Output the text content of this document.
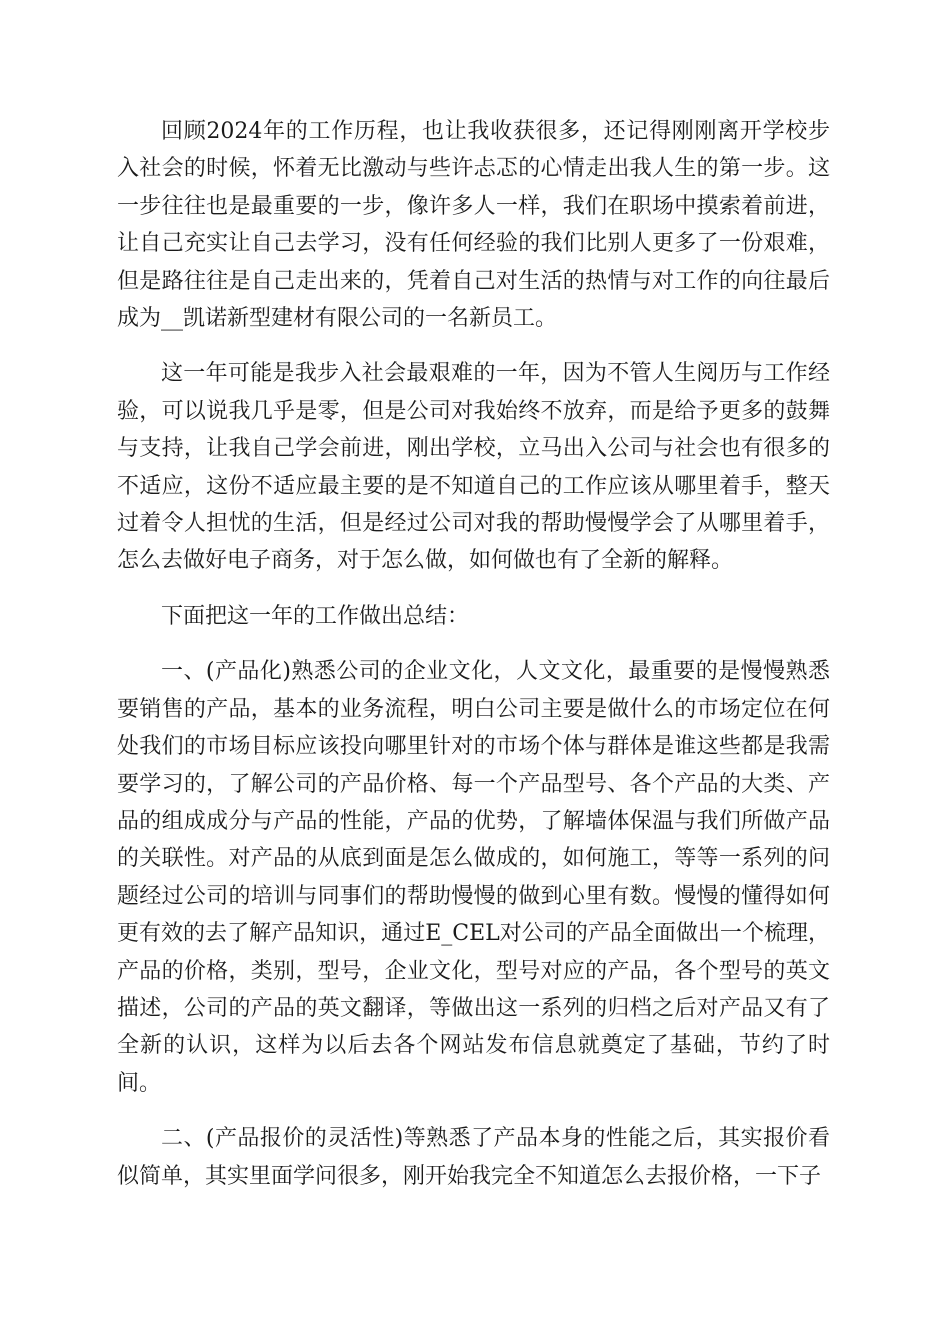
回顾2024年的工作历程，也让我收获很多，还记得刚刚离开学校步入社会的时候，怀着无比激动与些许忐忑的心情走出我人生的第一步。这一步往往也是最重要的一步，像许多人一样，我们在职场中摸索着前进，让自己充实让自己去学习，没有任何经验的我们比别人更多了一份艰难，但是路往往是自己走出来的，凭着自己对生活的热情与对工作的向往最后成为__凯诺新型建材有限公司的一名新员工。

这一年可能是我步入社会最艰难的一年，因为不管人生阅历与工作经验，可以说我几乎是零，但是公司对我始终不放弃，而是给予更多的鼓舞与支持，让我自己学会前进，刚出学校，立马出入公司与社会也有很多的不适应，这份不适应最主要的是不知道自己的工作应该从哪里着手，整天过着令人担忧的生活，但是经过公司对我的帮助慢慢学会了从哪里着手，怎么去做好电子商务，对于怎么做，如何做也有了全新的解释。

下面把这一年的工作做出总结：

一、(产品化)熟悉公司的企业文化，人文文化，最重要的是慢慢熟悉要销售的产品，基本的业务流程，明白公司主要是做什么的市场定位在何处我们的市场目标应该投向哪里针对的市场个体与群体是谁这些都是我需要学习的，了解公司的产品价格、每一个产品型号、各个产品的大类、产品的组成成分与产品的性能，产品的优势，了解墙体保温与我们所做产品的关联性。对产品的从底到面是怎么做成的，如何施工，等等一系列的问题经过公司的培训与同事们的帮助慢慢的做到心里有数。慢慢的懂得如何更有效的去了解产品知识，通过E_CEL对公司的产品全面做出一个梳理，产品的价格，类别，型号，企业文化，型号对应的产品，各个型号的英文描述，公司的产品的英文翻译，等做出这一系列的归档之后对产品又有了全新的认识，这样为以后去各个网站发布信息就奠定了基础，节约了时间。

二、(产品报价的灵活性)等熟悉了产品本身的性能之后，其实报价看似简单，其实里面学问很多，刚开始我完全不知道怎么去报价格，一下子
